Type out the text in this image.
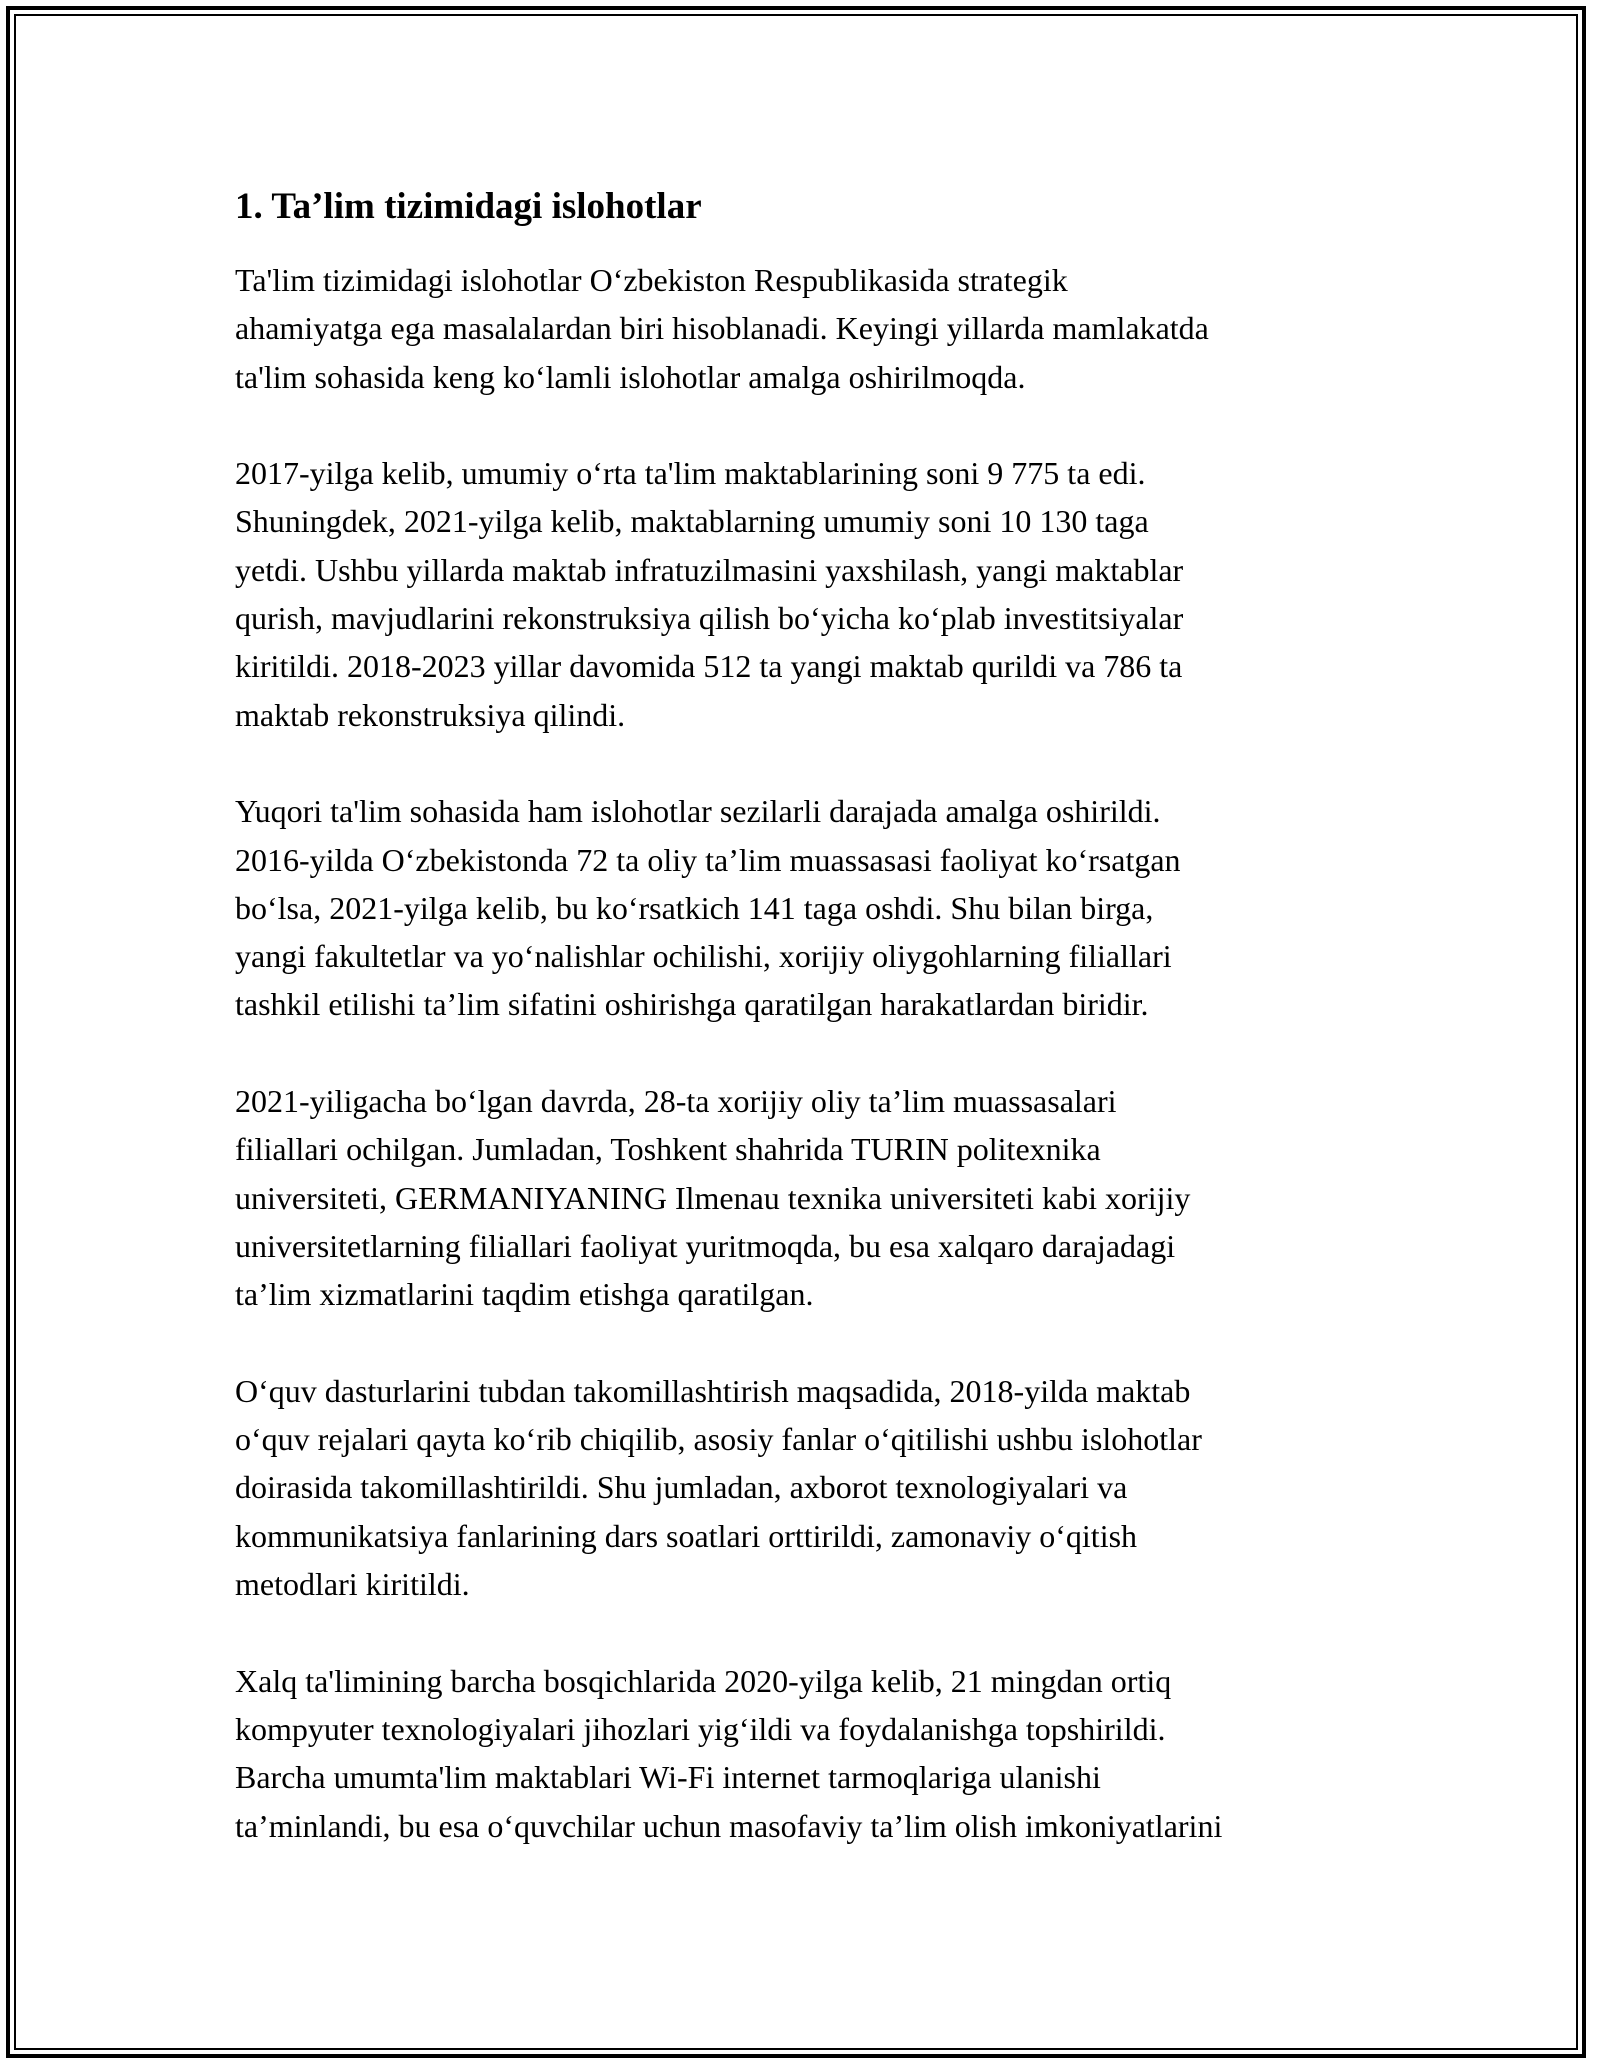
1. Ta’lim tizimidagi islohotlar

Ta'lim tizimidagi islohotlar O‘zbekiston Respublikasida strategik
ahamiyatga ega masalalardan biri hisoblanadi. Keyingi yillarda mamlakatda
ta'lim sohasida keng ko‘lamli islohotlar amalga oshirilmoqda.

2017-yilga kelib, umumiy o‘rta ta'lim maktablarining soni 9 775 ta edi.
Shuningdek, 2021-yilga kelib, maktablarning umumiy soni 10 130 taga
yetdi. Ushbu yillarda maktab infratuzilmasini yaxshilash, yangi maktablar
qurish, mavjudlarini rekonstruksiya qilish bo‘yicha ko‘plab investitsiyalar
kiritildi. 2018-2023 yillar davomida 512 ta yangi maktab qurildi va 786 ta
maktab rekonstruksiya qilindi.

Yuqori ta'lim sohasida ham islohotlar sezilarli darajada amalga oshirildi.
2016-yilda O‘zbekistonda 72 ta oliy ta’lim muassasasi faoliyat ko‘rsatgan
bo‘lsa, 2021-yilga kelib, bu ko‘rsatkich 141 taga oshdi. Shu bilan birga,
yangi fakultetlar va yo‘nalishlar ochilishi, xorijiy oliygohlarning filiallari
tashkil etilishi ta’lim sifatini oshirishga qaratilgan harakatlardan biridir.

2021-yiligacha bo‘lgan davrda, 28-ta xorijiy oliy ta’lim muassasalari
filiallari ochilgan. Jumladan, Toshkent shahrida TURIN politexnika
universiteti, GERMANIYANING Ilmenau texnika universiteti kabi xorijiy
universitetlarning filiallari faoliyat yuritmoqda, bu esa xalqaro darajadagi
ta’lim xizmatlarini taqdim etishga qaratilgan.

O‘quv dasturlarini tubdan takomillashtirish maqsadida, 2018-yilda maktab
o‘quv rejalari qayta ko‘rib chiqilib, asosiy fanlar o‘qitilishi ushbu islohotlar
doirasida takomillashtirildi. Shu jumladan, axborot texnologiyalari va
kommunikatsiya fanlarining dars soatlari orttirildi, zamonaviy o‘qitish
metodlari kiritildi.

Xalq ta'limining barcha bosqichlarida 2020-yilga kelib, 21 mingdan ortiq
kompyuter texnologiyalari jihozlari yig‘ildi va foydalanishga topshirildi.
Barcha umumta'lim maktablari Wi-Fi internet tarmoqlariga ulanishi
ta’minlandi, bu esa o‘quvchilar uchun masofaviy ta’lim olish imkoniyatlarini
